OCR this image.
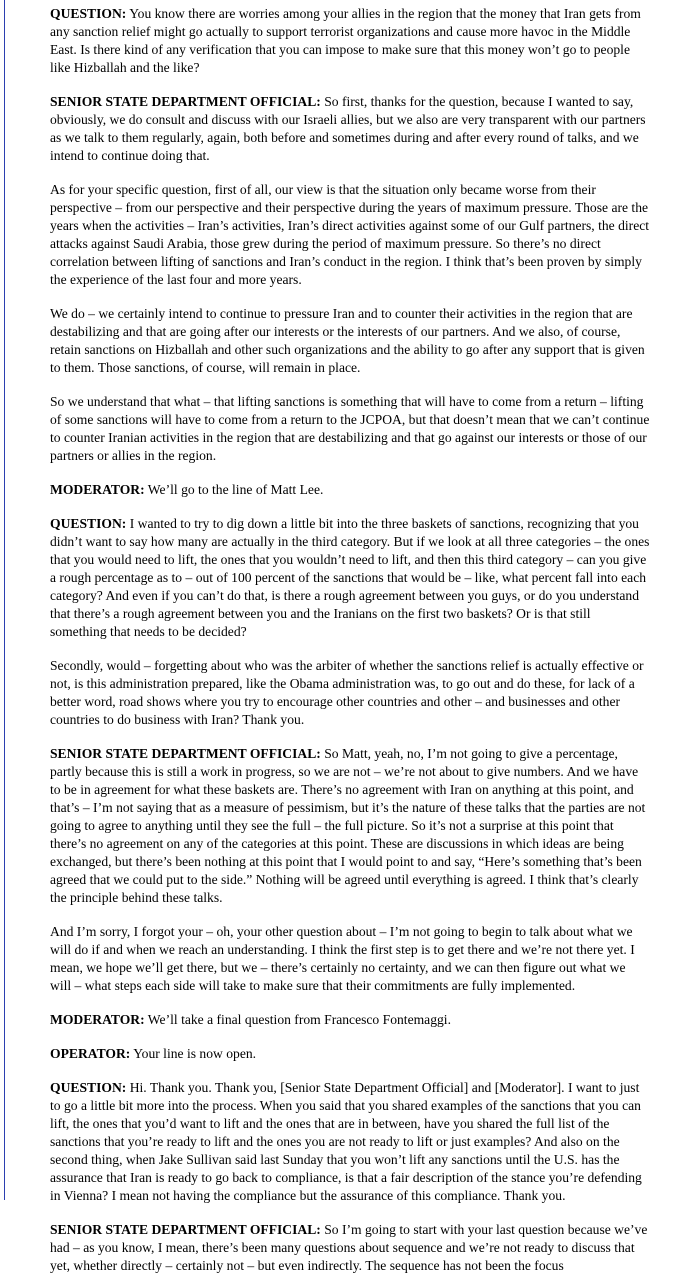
QUESTION: You know there are worries among your allies in the region that the money that Iran gets from any sanction relief might go actually to support terrorist organizations and cause more havoc in the Middle East. Is there kind of any verification that you can impose to make sure that this money won’t go to people like Hizballah and the like?

SENIOR STATE DEPARTMENT OFFICIAL: So first, thanks for the question, because I wanted to say, obviously, we do consult and discuss with our Israeli allies, but we also are very transparent with our partners as we talk to them regularly, again, both before and sometimes during and after every round of talks, and we intend to continue doing that.

As for your specific question, first of all, our view is that the situation only became worse from their perspective – from our perspective and their perspective during the years of maximum pressure. Those are the years when the activities – Iran’s activities, Iran’s direct activities against some of our Gulf partners, the direct attacks against Saudi Arabia, those grew during the period of maximum pressure. So there’s no direct correlation between lifting of sanctions and Iran’s conduct in the region. I think that’s been proven by simply the experience of the last four and more years.

We do – we certainly intend to continue to pressure Iran and to counter their activities in the region that are destabilizing and that are going after our interests or the interests of our partners. And we also, of course, retain sanctions on Hizballah and other such organizations and the ability to go after any support that is given to them. Those sanctions, of course, will remain in place.

So we understand that what – that lifting sanctions is something that will have to come from a return – lifting of some sanctions will have to come from a return to the JCPOA, but that doesn’t mean that we can’t continue to counter Iranian activities in the region that are destabilizing and that go against our interests or those of our partners or allies in the region.

MODERATOR: We’ll go to the line of Matt Lee.

QUESTION: I wanted to try to dig down a little bit into the three baskets of sanctions, recognizing that you didn’t want to say how many are actually in the third category. But if we look at all three categories – the ones that you would need to lift, the ones that you wouldn’t need to lift, and then this third category – can you give a rough percentage as to – out of 100 percent of the sanctions that would be – like, what percent fall into each category? And even if you can’t do that, is there a rough agreement between you guys, or do you understand that there’s a rough agreement between you and the Iranians on the first two baskets? Or is that still something that needs to be decided?

Secondly, would – forgetting about who was the arbiter of whether the sanctions relief is actually effective or not, is this administration prepared, like the Obama administration was, to go out and do these, for lack of a better word, road shows where you try to encourage other countries and other – and businesses and other countries to do business with Iran? Thank you.

SENIOR STATE DEPARTMENT OFFICIAL: So Matt, yeah, no, I’m not going to give a percentage, partly because this is still a work in progress, so we are not – we’re not about to give numbers. And we have to be in agreement for what these baskets are. There’s no agreement with Iran on anything at this point, and that’s – I’m not saying that as a measure of pessimism, but it’s the nature of these talks that the parties are not going to agree to anything until they see the full – the full picture. So it’s not a surprise at this point that there’s no agreement on any of the categories at this point. These are discussions in which ideas are being exchanged, but there’s been nothing at this point that I would point to and say, “Here’s something that’s been agreed that we could put to the side.” Nothing will be agreed until everything is agreed. I think that’s clearly the principle behind these talks.

And I’m sorry, I forgot your – oh, your other question about – I’m not going to begin to talk about what we will do if and when we reach an understanding. I think the first step is to get there and we’re not there yet. I mean, we hope we’ll get there, but we – there’s certainly no certainty, and we can then figure out what we will – what steps each side will take to make sure that their commitments are fully implemented.

MODERATOR: We’ll take a final question from Francesco Fontemaggi.

OPERATOR: Your line is now open.

QUESTION: Hi. Thank you. Thank you, [Senior State Department Official] and [Moderator]. I want to just to go a little bit more into the process. When you said that you shared examples of the sanctions that you can lift, the ones that you’d want to lift and the ones that are in between, have you shared the full list of the sanctions that you’re ready to lift and the ones you are not ready to lift or just examples? And also on the second thing, when Jake Sullivan said last Sunday that you won’t lift any sanctions until the U.S. has the assurance that Iran is ready to go back to compliance, is that a fair description of the stance you’re defending in Vienna? I mean not having the compliance but the assurance of this compliance. Thank you.

SENIOR STATE DEPARTMENT OFFICIAL: So I’m going to start with your last question because we’ve had – as you know, I mean, there’s been many questions about sequence and we’re not ready to discuss that yet, whether directly – certainly not – but even indirectly. The sequence has not been the focus
